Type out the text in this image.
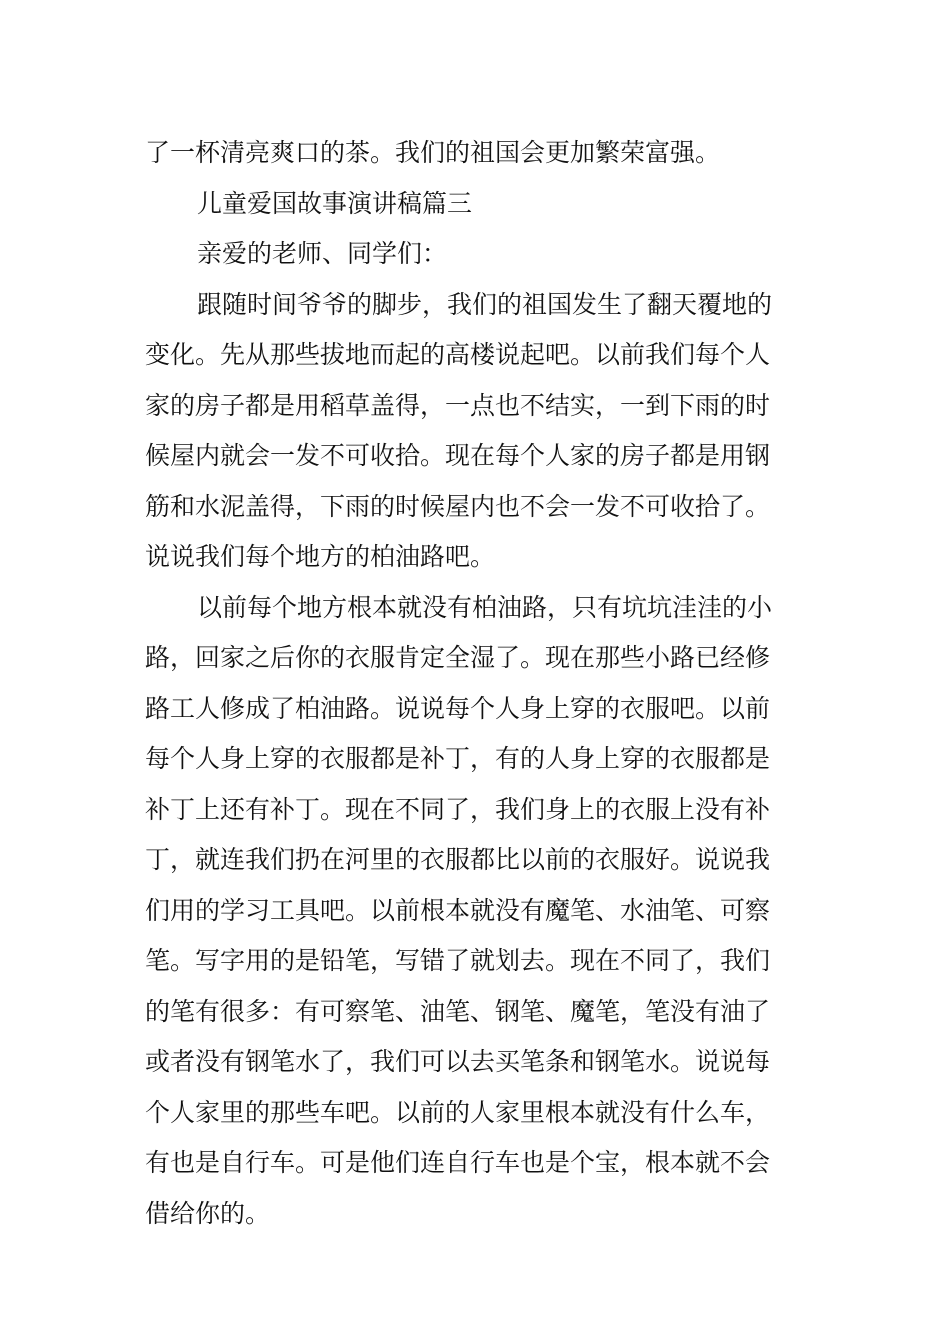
了一杯清亮爽口的茶。我们的祖国会更加繁荣富强。

儿童爱国故事演讲稿篇三

亲爱的老师、同学们：

跟随时间爷爷的脚步，我们的祖国发生了翻天覆地的
变化。先从那些拔地而起的高楼说起吧。以前我们每个人
家的房子都是用稻草盖得，一点也不结实，一到下雨的时
候屋内就会一发不可收拾。现在每个人家的房子都是用钢
筋和水泥盖得，下雨的时候屋内也不会一发不可收拾了。
说说我们每个地方的柏油路吧。

以前每个地方根本就没有柏油路，只有坑坑洼洼的小
路，回家之后你的衣服肯定全湿了。现在那些小路已经修
路工人修成了柏油路。说说每个人身上穿的衣服吧。以前
每个人身上穿的衣服都是补丁，有的人身上穿的衣服都是
补丁上还有补丁。现在不同了，我们身上的衣服上没有补
丁，就连我们扔在河里的衣服都比以前的衣服好。说说我
们用的学习工具吧。以前根本就没有魔笔、水油笔、可察
笔。写字用的是铅笔，写错了就划去。现在不同了，我们
的笔有很多：有可察笔、油笔、钢笔、魔笔，笔没有油了
或者没有钢笔水了，我们可以去买笔条和钢笔水。说说每
个人家里的那些车吧。以前的人家里根本就没有什么车，
有也是自行车。可是他们连自行车也是个宝，根本就不会
借给你的。
